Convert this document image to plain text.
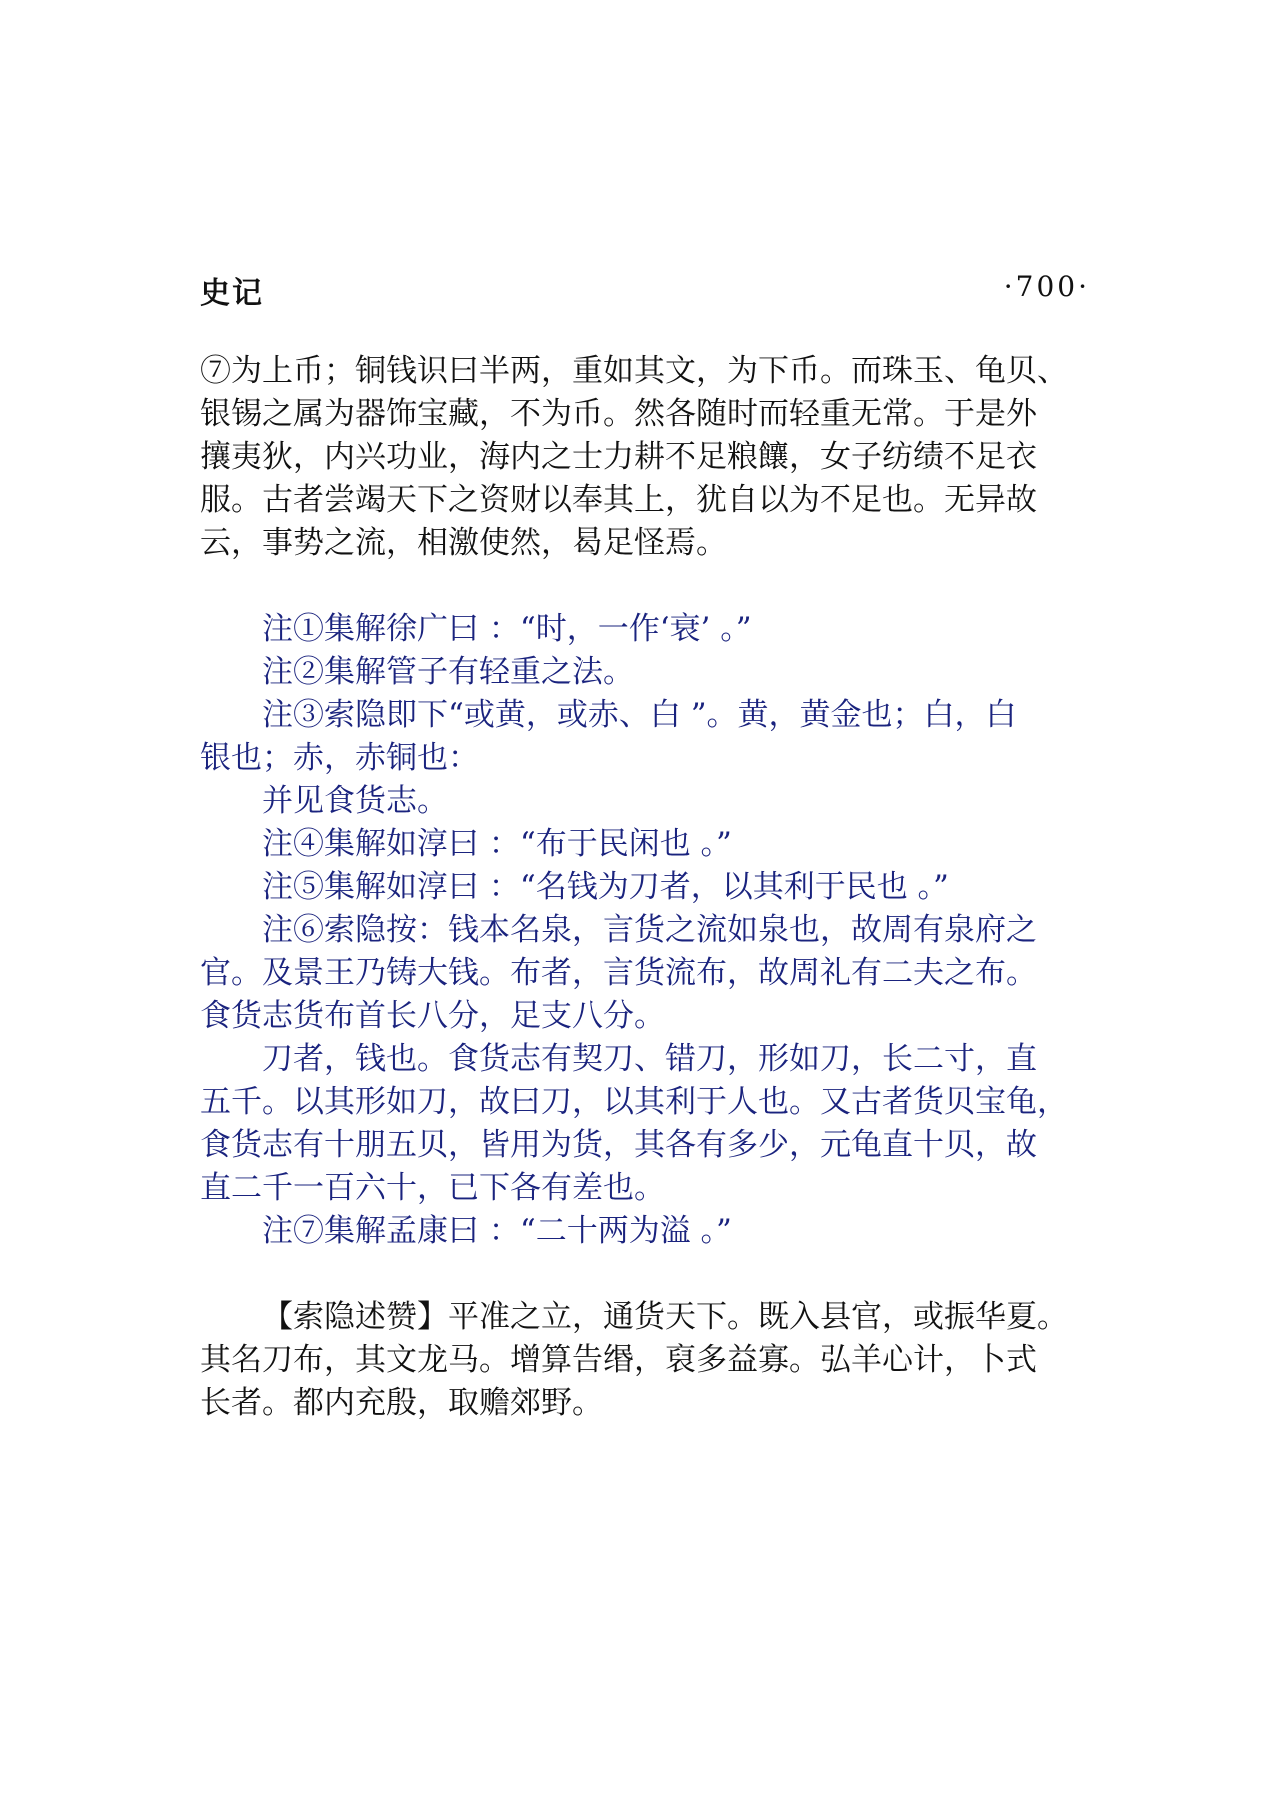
史记	·700·
⑦为上币；铜钱识曰半两，重如其文，为下币。而珠玉、龟贝、
银锡之属为器饰宝藏，不为币。然各随时而轻重无常。于是外
攘夷狄，内兴功业，海内之士力耕不足粮饟，女子纺绩不足衣
服。古者尝竭天下之资财以奉其上，犹自以为不足也。无异故
云，事势之流，相激使然，曷足怪焉。
注①集解徐广曰 ：“时，一作‘衰’ 。”
注②集解管子有轻重之法。
注③索隐即下“或黄，或赤、白 ”。黄，黄金也；白，白
银也；赤，赤铜也：
并见食货志。
注④集解如淳曰 ：“布于民闲也 。”
注⑤集解如淳曰 ：“名钱为刀者，以其利于民也 。”
注⑥索隐按：钱本名泉，言货之流如泉也，故周有泉府之
官。及景王乃铸大钱。布者，言货流布，故周礼有二夫之布。
食货志货布首长八分，足支八分。
刀者，钱也。食货志有契刀、错刀，形如刀，长二寸，直
五千。以其形如刀，故曰刀，以其利于人也。又古者货贝宝龟，
食货志有十朋五贝，皆用为货，其各有多少，元龟直十贝，故
直二千一百六十，已下各有差也。
注⑦集解孟康曰 ：“二十两为溢 。”
【索隐述赞】平准之立，通货天下。既入县官，或振华夏。
其名刀布，其文龙马。增算告缗，裒多益寡。弘羊心计，卜式
长者。都内充殷，取赡郊野。
